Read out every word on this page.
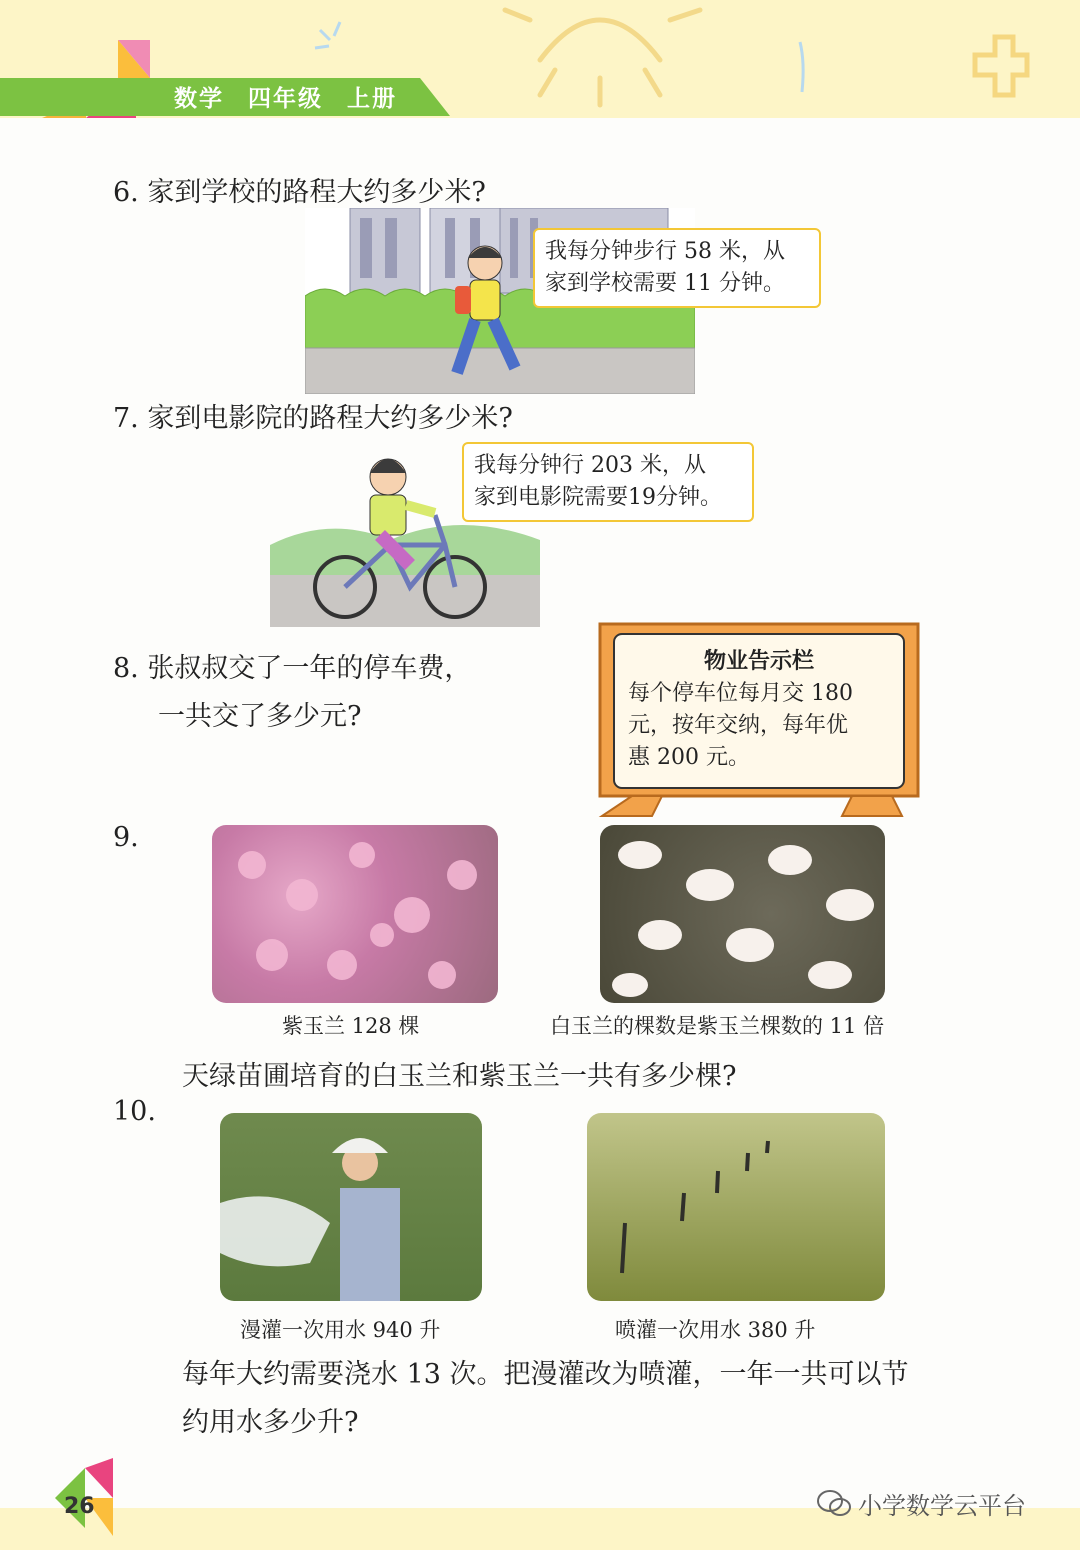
数学 四年级 上册
6. 家到学校的路程大约多少米?
我每分钟步行 58 米，从
家到学校需要 11 分钟。
7. 家到电影院的路程大约多少米?
我每分钟行 203 米，从
家到电影院需要19分钟。
8. 张叔叔交了一年的停车费，
一共交了多少元?
物业告示栏
每个停车位每月交 180
元，按年交纳，每年优
惠 200 元。
9.
紫玉兰 128 棵	白玉兰的棵数是紫玉兰棵数的 11 倍
天绿苗圃培育的白玉兰和紫玉兰一共有多少棵?
10.
漫灌一次用水 940 升	喷灌一次用水 380 升
每年大约需要浇水 13 次。把漫灌改为喷灌，一年一共可以节
约用水多少升?
26	小学数学云平台
